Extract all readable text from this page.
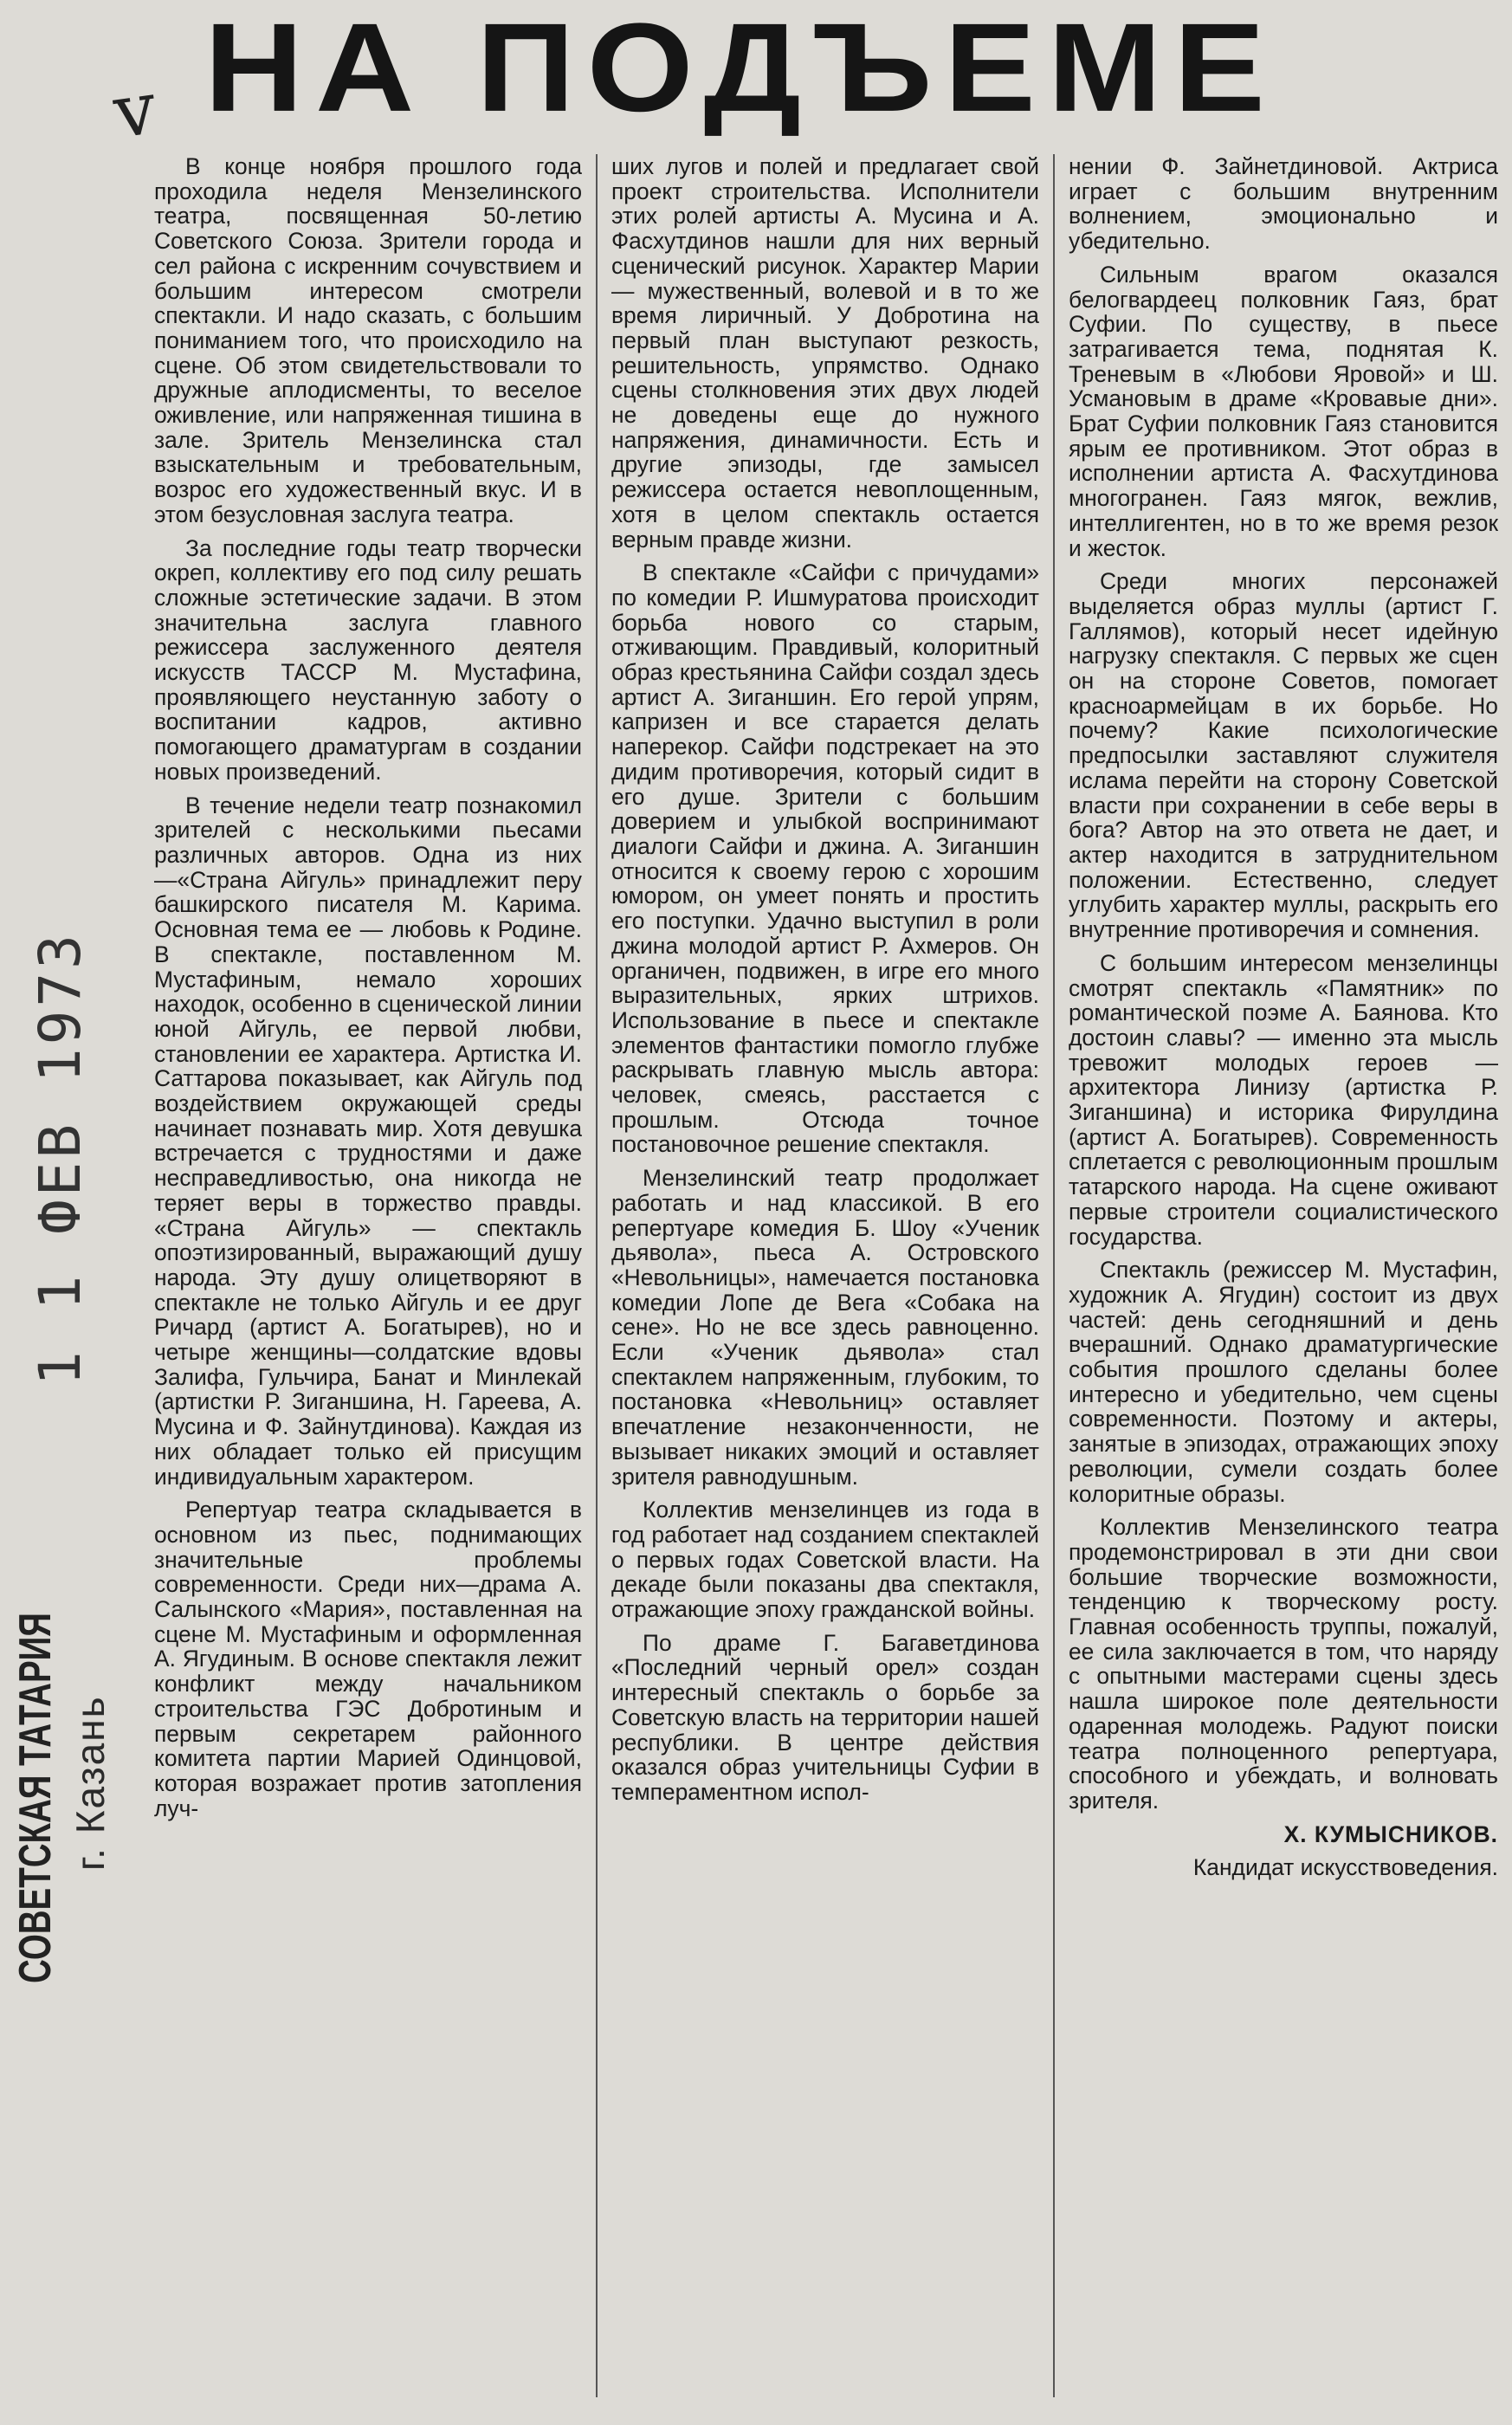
НА ПОДЪЕМЕ
v
1 1 ФЕВ 1973
СОВЕТСКАЯ ТАТАРИЯ г. Казань

В конце ноября прошлого года проходила неделя Мензелинского театра, посвященная 50-летию Советского Союза. Зрители города и сел района с искренним сочувствием и большим интересом смотрели спектакли. И надо сказать, с большим пониманием того, что происходило на сцене. Об этом свидетельствовали то дружные аплодисменты, то веселое оживление, или напряженная тишина в зале. Зритель Мензелинска стал взыскательным и требовательным, возрос его художественный вкус. И в этом безусловная заслуга театра.

За последние годы театр творчески окреп, коллективу его под силу решать сложные эстетические задачи. В этом значительна заслуга главного режиссера заслуженного деятеля искусств ТАССР М. Мустафина, проявляющего неустанную заботу о воспитании кадров, активно помогающего драматургам в создании новых произведений.

В течение недели театр познакомил зрителей с несколькими пьесами различных авторов. Одна из них—«Страна Айгуль» принадлежит перу башкирского писателя М. Карима. Основная тема ее — любовь к Родине. В спектакле, поставленном М. Мустафиным, немало хороших находок, особенно в сценической линии юной Айгуль, ее первой любви, становлении ее характера. Артистка И. Саттарова показывает, как Айгуль под воздействием окружающей среды начинает познавать мир. Хотя девушка встречается с трудностями и даже несправедливостью, она никогда не теряет веры в торжество правды. «Страна Айгуль» — спектакль опоэтизированный, выражающий душу народа. Эту душу олицетворяют в спектакле не только Айгуль и ее друг Ричард (артист А. Богатырев), но и четыре женщины—солдатские вдовы Залифа, Гульчира, Банат и Минлекай (артистки Р. Зиганшина, Н. Гареева, А. Мусина и Ф. Зайнутдинова). Каждая из них обладает только ей присущим индивидуальным характером.

Репертуар театра складывается в основном из пьес, поднимающих значительные проблемы современности. Среди них—драма А. Салынского «Мария», поставленная на сцене М. Мустафиным и оформленная А. Ягудиным. В основе спектакля лежит конфликт между начальником строительства ГЭС Добротиным и первым секретарем районного комитета партии Марией Одинцовой, которая возражает против затопления луч-

ших лугов и полей и предлагает свой проект строительства. Исполнители этих ролей артисты А. Мусина и А. Фасхутдинов нашли для них верный сценический рисунок. Характер Марии — мужественный, волевой и в то же время лиричный. У Добротина на первый план выступают резкость, решительность, упрямство. Однако сцены столкновения этих двух людей не доведены еще до нужного напряжения, динамичности. Есть и другие эпизоды, где замысел режиссера остается невоплощенным, хотя в целом спектакль остается верным правде жизни.

В спектакле «Сайфи с причудами» по комедии Р. Ишмуратова происходит борьба нового со старым, отживающим. Правдивый, колоритный образ крестьянина Сайфи создал здесь артист А. Зиганшин. Его герой упрям, капризен и все старается делать наперекор. Сайфи подстрекает на это дидим противоречия, который сидит в его душе. Зрители с большим доверием и улыбкой воспринимают диалоги Сайфи и джина. А. Зиганшин относится к своему герою с хорошим юмором, он умеет понять и простить его поступки. Удачно выступил в роли джина молодой артист Р. Ахмеров. Он органичен, подвижен, в игре его много выразительных, ярких штрихов. Использование в пьесе и спектакле элементов фантастики помогло глубже раскрывать главную мысль автора: человек, смеясь, расстается с прошлым. Отсюда точное постановочное решение спектакля.

Мензелинский театр продолжает работать и над классикой. В его репертуаре комедия Б. Шоу «Ученик дьявола», пьеса А. Островского «Невольницы», намечается постановка комедии Лопе де Вега «Собака на сене». Но не все здесь равноценно. Если «Ученик дьявола» стал спектаклем напряженным, глубоким, то постановка «Невольниц» оставляет впечатление незаконченности, не вызывает никаких эмоций и оставляет зрителя равнодушным.

Коллектив мензелинцев из года в год работает над созданием спектаклей о первых годах Советской власти. На декаде были показаны два спектакля, отражающие эпоху гражданской войны.

По драме Г. Багаветдинова «Последний черный орел» создан интересный спектакль о борьбе за Советскую власть на территории нашей республики. В центре действия оказался образ учительницы Суфии в темпераментном испол-

нении Ф. Зайнетдиновой. Актриса играет с большим внутренним волнением, эмоционально и убедительно.

Сильным врагом оказался белогвардеец полковник Гаяз, брат Суфии. По существу, в пьесе затрагивается тема, поднятая К. Треневым в «Любови Яровой» и Ш. Усмановым в драме «Кровавые дни». Брат Суфии полковник Гаяз становится ярым ее противником. Этот образ в исполнении артиста А. Фасхутдинова многогранен. Гаяз мягок, вежлив, интеллигентен, но в то же время резок и жесток.

Среди многих персонажей выделяется образ муллы (артист Г. Галлямов), который несет идейную нагрузку спектакля. С первых же сцен он на стороне Советов, помогает красноармейцам в их борьбе. Но почему? Какие психологические предпосылки заставляют служителя ислама перейти на сторону Советской власти при сохранении в себе веры в бога? Автор на это ответа не дает, и актер находится в затруднительном положении. Естественно, следует углубить характер муллы, раскрыть его внутренние противоречия и сомнения.

С большим интересом мензелинцы смотрят спектакль «Памятник» по романтической поэме А. Баянова. Кто достоин славы? — именно эта мысль тревожит молодых героев — архитектора Линизу (артистка Р. Зиганшина) и историка Фирулдина (артист А. Богатырев). Современность сплетается с революционным прошлым татарского народа. На сцене оживают первые строители социалистического государства.

Спектакль (режиссер М. Мустафин, художник А. Ягудин) состоит из двух частей: день сегодняшний и день вчерашний. Однако драматургические события прошлого сделаны более интересно и убедительно, чем сцены современности. Поэтому и актеры, занятые в эпизодах, отражающих эпоху революции, сумели создать более колоритные образы.

Коллектив Мензелинского театра продемонстрировал в эти дни свои большие творческие возможности, тенденцию к творческому росту. Главная особенность труппы, пожалуй, ее сила заключается в том, что наряду с опытными мастерами сцены здесь нашла широкое поле деятельности одаренная молодежь. Радуют поиски театра полноценного репертуара, способного и убеждать, и волновать зрителя.

Х. КУМЫСНИКОВ.

Кандидат искусствоведения.
